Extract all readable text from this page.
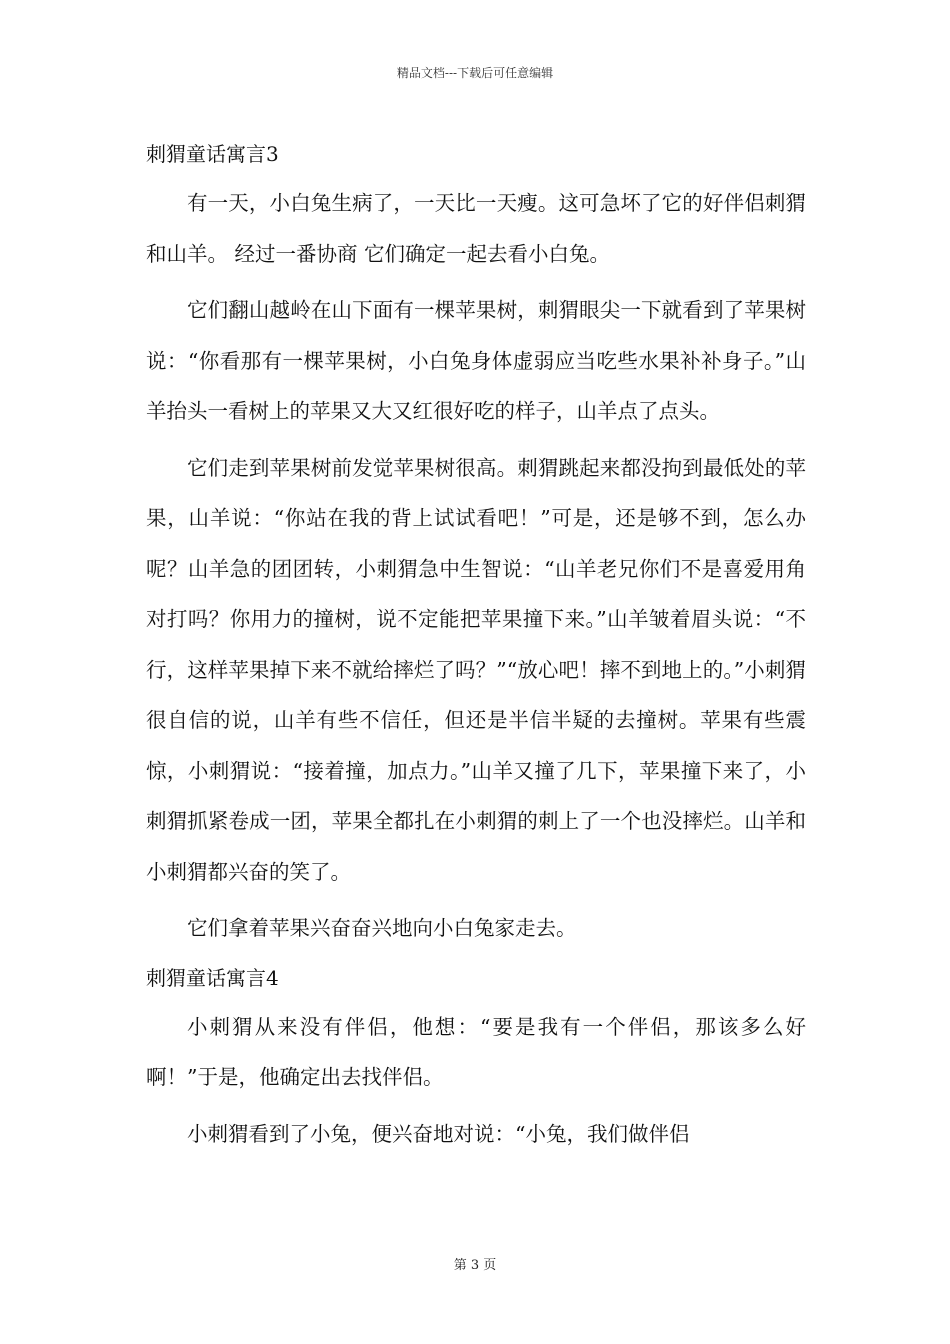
精品文档---下载后可任意编辑
刺猬童话寓言3

有一天，小白兔生病了，一天比一天瘦。这可急坏了它的好伴侣刺猬和山羊。 经过一番协商 它们确定一起去看小白兔。

它们翻山越岭在山下面有一棵苹果树，刺猬眼尖一下就看到了苹果树说：“你看那有一棵苹果树，小白兔身体虚弱应当吃些水果补补身子。”山羊抬头一看树上的苹果又大又红很好吃的样子，山羊点了点头。

它们走到苹果树前发觉苹果树很高。刺猬跳起来都没拘到最低处的苹果，山羊说：“你站在我的背上试试看吧！”可是，还是够不到，怎么办呢？山羊急的团团转，小刺猬急中生智说：“山羊老兄你们不是喜爱用角对打吗？你用力的撞树，说不定能把苹果撞下来。”山羊皱着眉头说：“不行，这样苹果掉下来不就给摔烂了吗？”“放心吧！摔不到地上的。”小刺猬很自信的说，山羊有些不信任，但还是半信半疑的去撞树。苹果有些震惊，小刺猬说：“接着撞，加点力。”山羊又撞了几下，苹果撞下来了，小刺猬抓紧卷成一团，苹果全都扎在小刺猬的刺上了一个也没摔烂。山羊和小刺猬都兴奋的笑了。

它们拿着苹果兴奋奋兴地向小白兔家走去。

刺猬童话寓言4

小刺猬从来没有伴侣，他想：“要是我有一个伴侣，那该多么好啊！”于是，他确定出去找伴侣。

小刺猬看到了小兔，便兴奋地对说：“小兔，我们做伴侣

第 3 页
